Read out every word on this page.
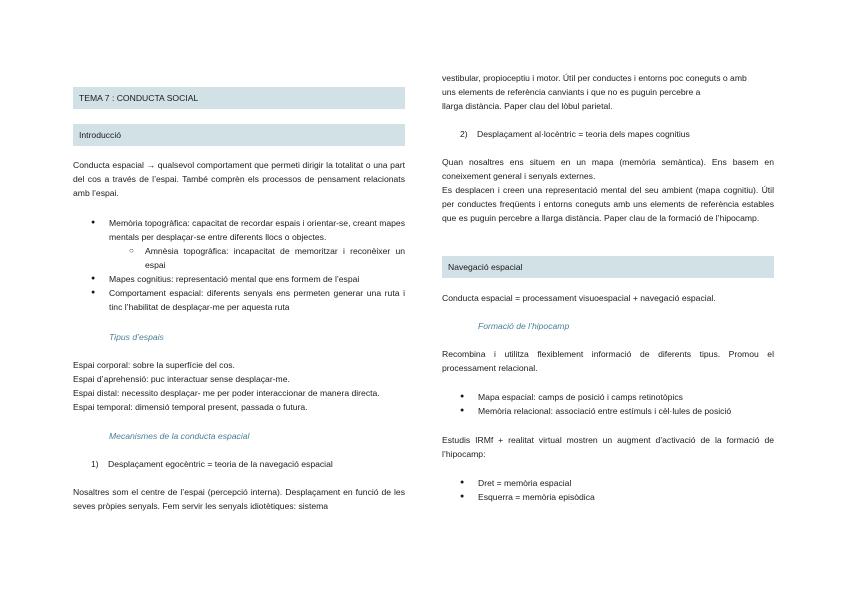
TEMA 7 : CONDUCTA SOCIAL
Introducció
Conducta espacial → qualsevol comportament que permeti dirigir la totalitat o una part del cos a través de l’espai. També comprèn els processos de pensament relacionats amb l’espai.
● Memòria topogràfica: capacitat de recordar espais i orientar-se, creant mapes mentals per desplaçar-se entre diferents llocs o objectes.
○ Amnèsia topogràfica: incapacitat de memoritzar i reconèixer un espai
● Mapes cognitius: representació mental que ens formem de l’espai
● Comportament espacial: diferents senyals ens permeten generar una ruta i tinc l’habilitat de desplaçar-me per aquesta ruta
Tipus d’espais
Espai corporal: sobre la superfície del cos.
Espai d’aprehensió: puc interactuar sense desplaçar-me.
Espai distal: necessito desplaçar- me per poder interaccionar de manera directa.
Espai temporal: dimensió temporal present, passada o futura.
Mecanismes de la conducta espacial
1) Desplaçament egocèntric = teoria de la navegació espacial
Nosaltres som el centre de l’espai (percepció interna). Desplaçament en funció de les seves pròpies senyals. Fem servir les senyals idiotètiques: sistema
vestibular, propioceptiu i motor. Útil per conductes i entorns poc coneguts o amb
uns elements de referència canviants i que no es puguin percebre a
llarga distància. Paper clau del lòbul parietal.
2) Desplaçament al·locèntric = teoria dels mapes cognitius
Quan nosaltres ens situem en un mapa (memòria semàntica). Ens basem en coneixement general i senyals externes.
Es desplacen i creen una representació mental del seu ambient (mapa cognitiu). Útil per conductes freqüents i entorns coneguts amb uns elements de referència estables que es puguin percebre a llarga distància. Paper clau de la formació de l’hipocamp.
Navegació espacial
Conducta espacial = processament visuoespacial + navegació espacial.
Formació de l’hipocamp
Recombina i utilitza flexiblement informació de diferents tipus. Promou el processament relacional.
● Mapa espacial: camps de posició i camps retinotòpics
● Memòria relacional: associació entre estímuls i cèl·lules de posició
Estudis IRMf + realitat virtual mostren un augment d’activació de la formació de l’hipocamp:
● Dret = memòria espacial
● Esquerra = memòria episòdica
